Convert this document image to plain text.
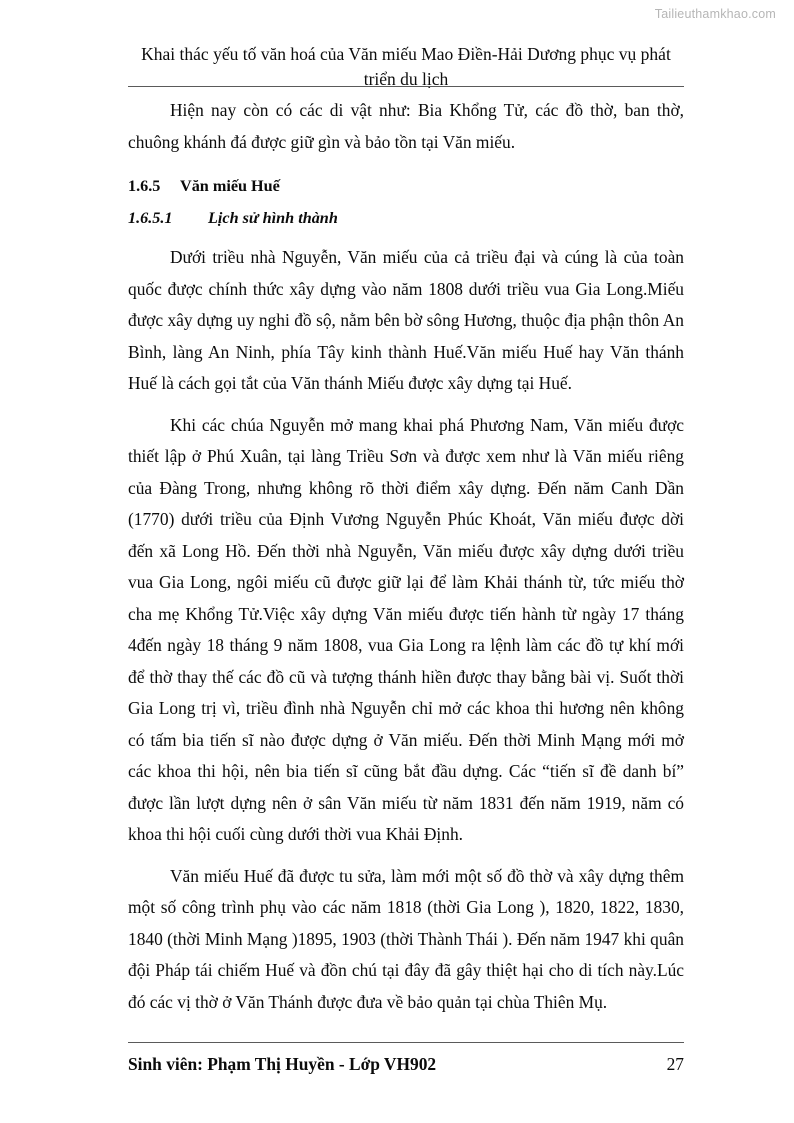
Tailieuthamkhao.com
Khai thác yếu tố văn hoá của Văn miếu Mao Điền-Hải Dương phục vụ phát triển du lịch

Hiện nay còn có các di vật như: Bia Khổng Tử, các đồ thờ, ban thờ, chuông khánh đá được giữ gìn và bảo tồn tại Văn miếu.

1.6.5 Văn miếu Huế
1.6.5.1 Lịch sử hình thành

Dưới triều nhà Nguyễn, Văn miếu của cả triều đại và cúng là của toàn quốc được chính thức xây dựng vào năm 1808 dưới triều vua Gia Long.Miếu được xây dựng uy nghi đồ sộ, nằm bên bờ sông Hương, thuộc địa phận thôn An Bình, làng An Ninh, phía Tây kinh thành Huế.Văn miếu Huế hay Văn thánh Huế là cách gọi tắt của Văn thánh Miếu được xây dựng tại Huế.

Khi các chúa Nguyễn mở mang khai phá Phương Nam, Văn miếu được thiết lập ở Phú Xuân, tại làng Triều Sơn và được xem như là Văn miếu riêng của Đàng Trong, nhưng không rõ thời điểm xây dựng. Đến năm Canh Dần (1770) dưới triều của Định Vương Nguyễn Phúc Khoát, Văn miếu được dời đến xã Long Hồ. Đến thời nhà Nguyễn, Văn miếu được xây dựng dưới triều vua Gia Long, ngôi miếu cũ được giữ lại để làm Khải thánh từ, tức miếu thờ cha mẹ Khổng Tử.Việc xây dựng Văn miếu được tiến hành từ ngày 17 tháng 4đến ngày 18 tháng 9 năm 1808, vua Gia Long ra lệnh làm các đồ tự khí mới để thờ thay thế các đồ cũ và tượng thánh hiền được thay bằng bài vị. Suốt thời Gia Long trị vì, triều đình nhà Nguyễn chỉ mở các khoa thi hương nên không có tấm bia tiến sĩ nào được dựng ở Văn miếu. Đến thời Minh Mạng mới mở các khoa thi hội, nên bia tiến sĩ cũng bắt đầu dựng. Các “tiến sĩ đề danh bí” được lần lượt dựng nên ở sân Văn miếu từ năm 1831 đến năm 1919, năm có khoa thi hội cuối cùng dưới thời vua Khải Định.

Văn miếu Huế đã được tu sửa, làm mới một số đồ thờ và xây dựng thêm một số công trình phụ vào các năm 1818 (thời Gia Long ), 1820, 1822, 1830, 1840 (thời Minh Mạng )1895, 1903 (thời Thành Thái ). Đến năm 1947 khi quân đội Pháp tái chiếm Huế và đồn chú tại đây đã gây thiệt hại cho di tích này.Lúc đó các vị thờ ở Văn Thánh được đưa về bảo quản tại chùa Thiên Mụ.

Sinh viên: Phạm Thị Huyền - Lớp VH902	27
